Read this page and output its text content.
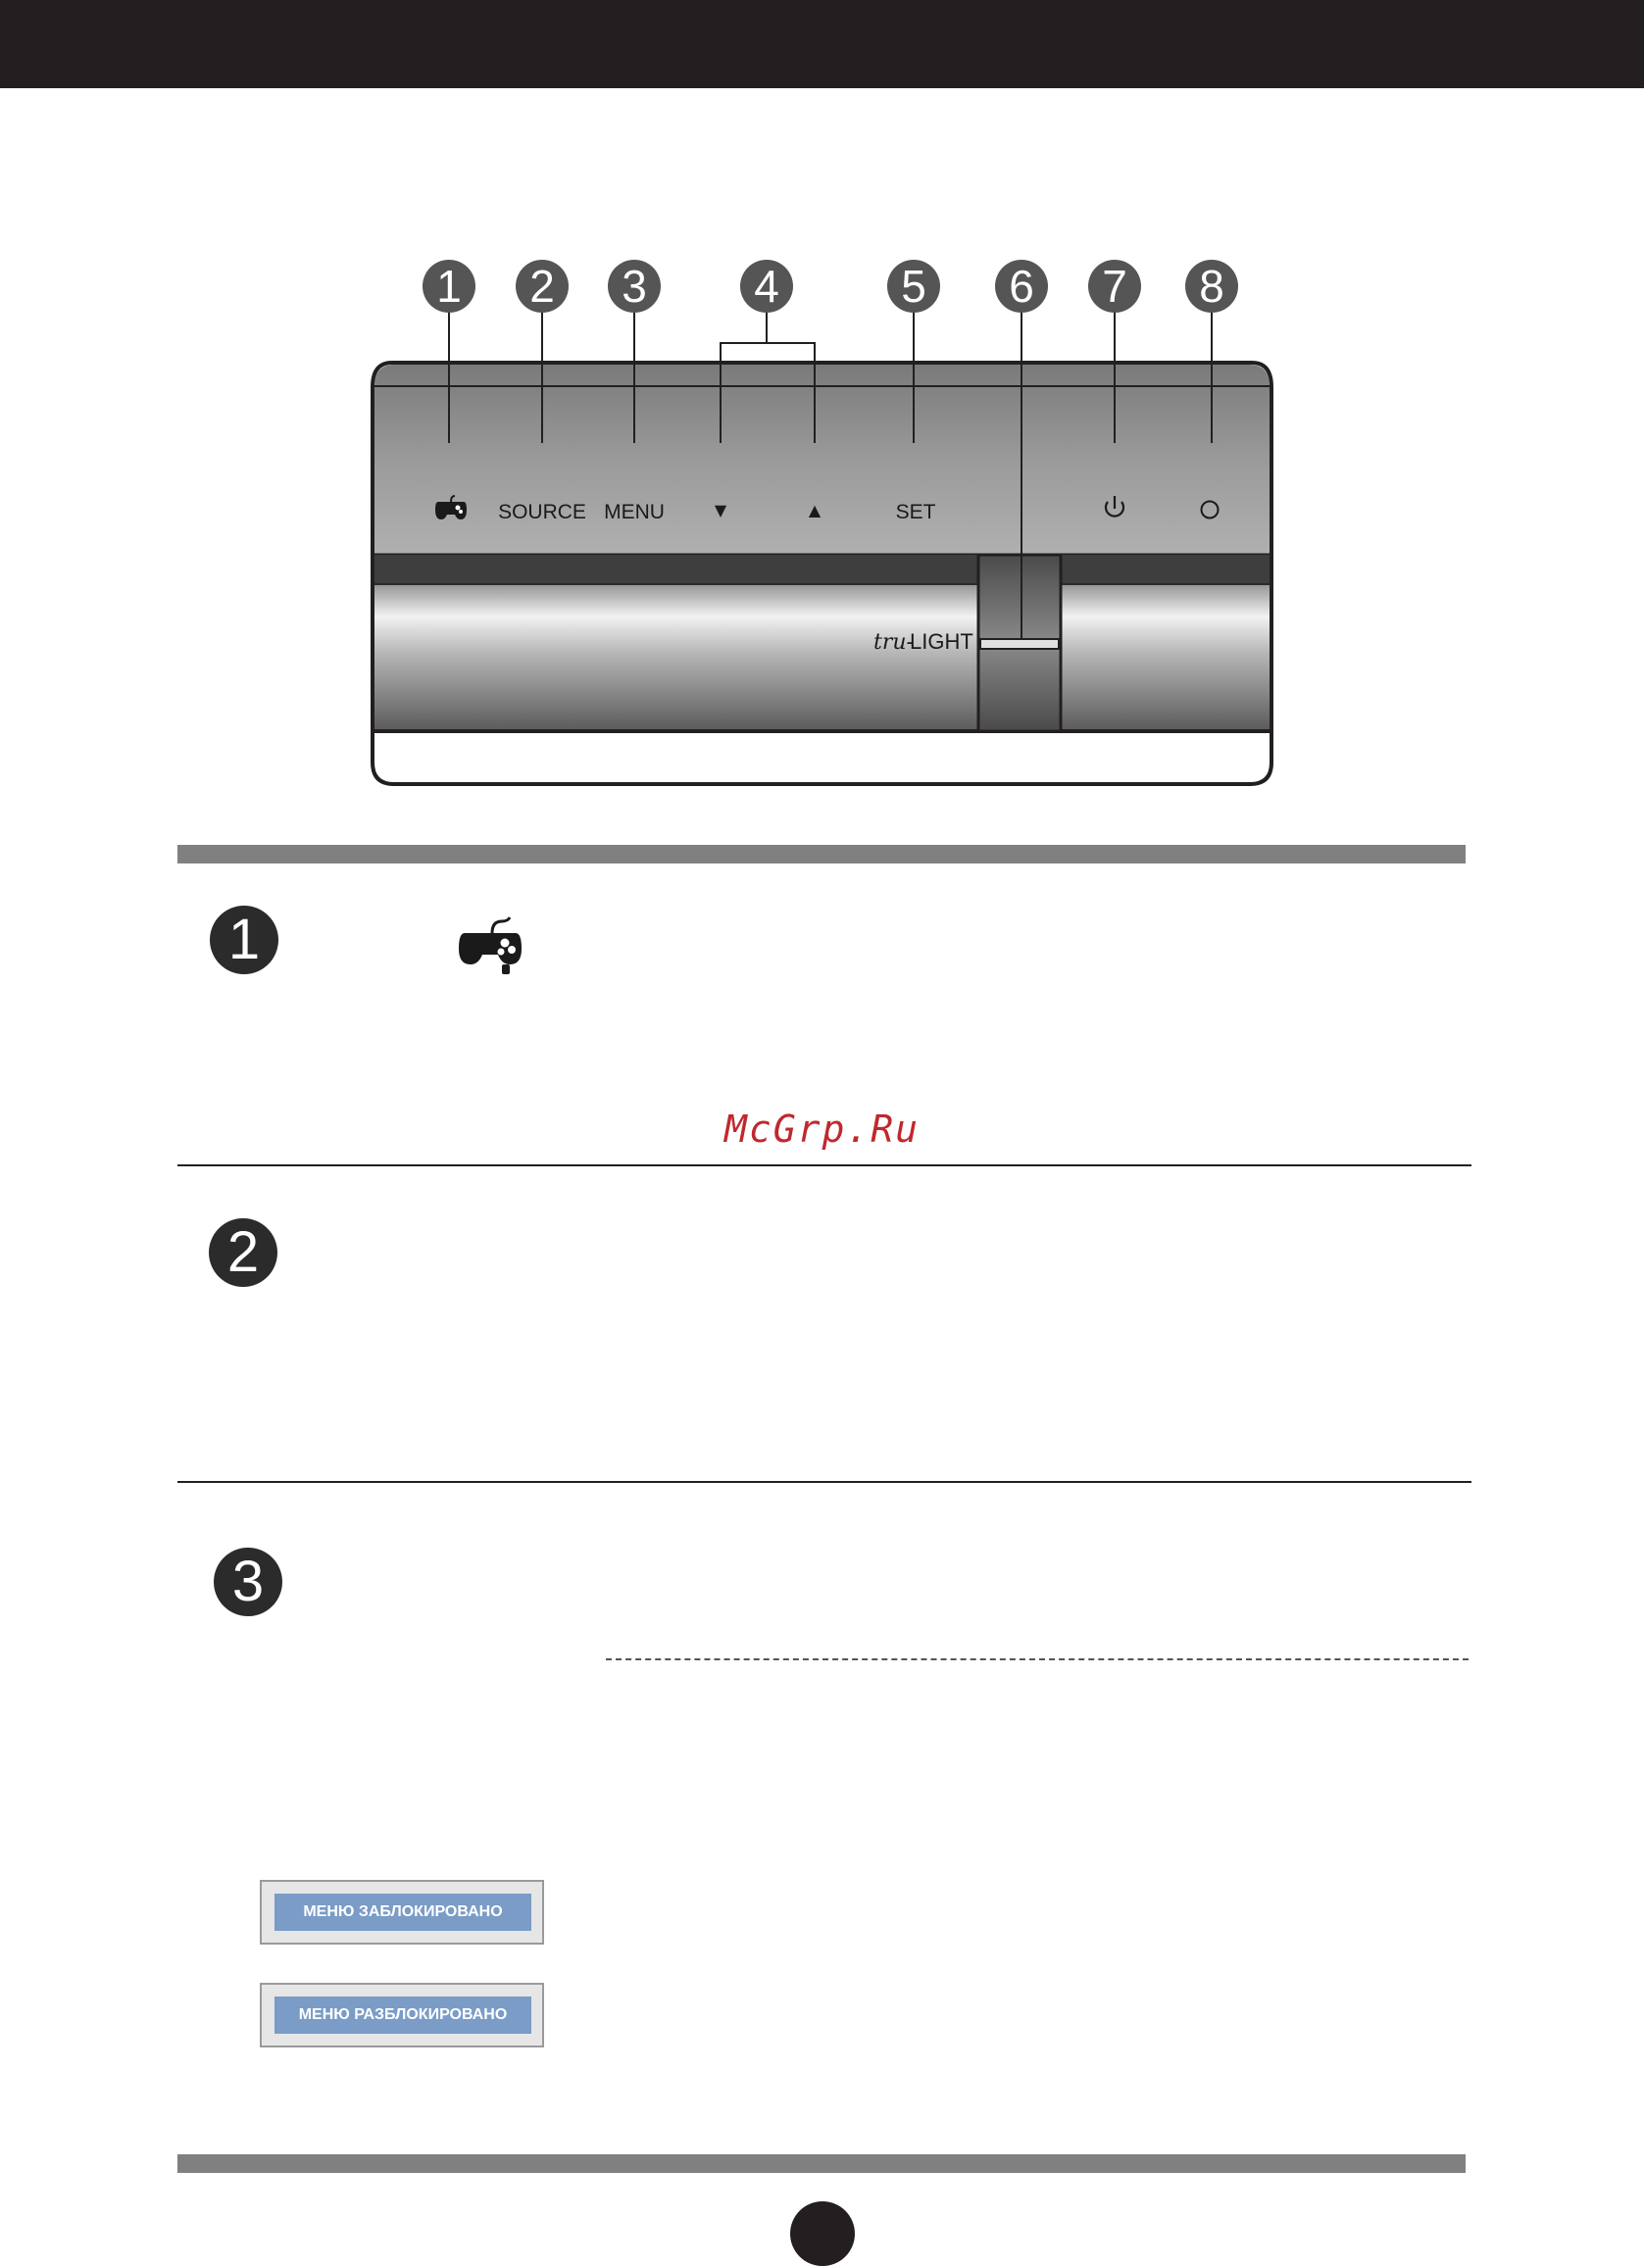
1 2 3 4	5 6 7 8
SOURCE MENU	▼	▲	SET
tru-
LIGHT
1
2
3
McGrp.Ru
МЕНЮ ЗАБЛОКИРОВАНО
МЕНЮ РАЗБЛОКИРОВАНО
